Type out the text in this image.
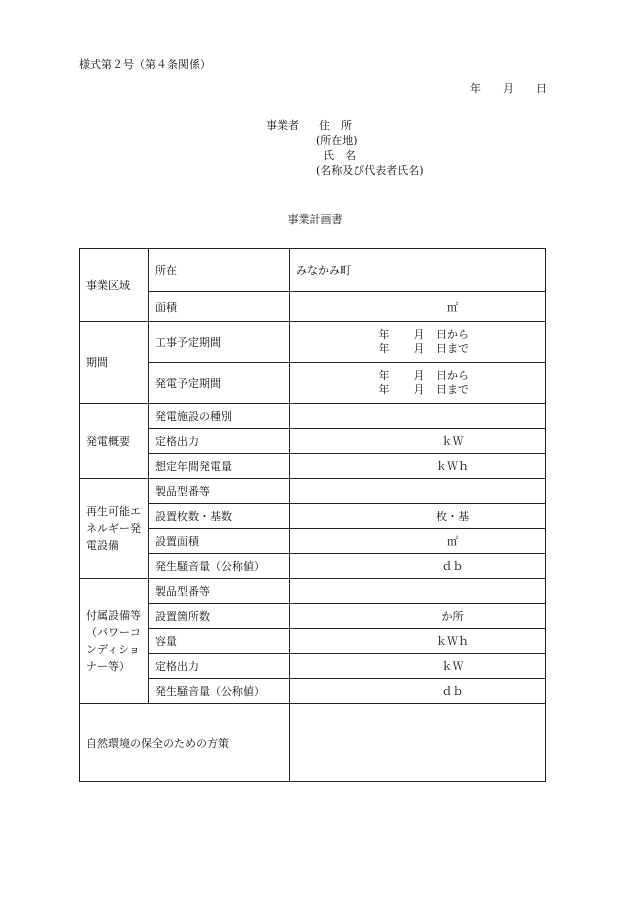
様式第２号（第４条関係）
年 月 日
事業者 住　所
(所在地)
氏　名
(名称及び代表者氏名)
事業計画書
事業区域	所在	みなかみ町
	面積	㎡
期間	工事予定期間	年 月 日から
年 月 日まで

	発電予定期間	年 月 日から
年 月 日まで

発電概要	発電施設の種別	
	定格出力	ｋＷ
	想定年間発電量	ｋＷｈ
再生可能エネルギー発電設備	製品型番等	
	設置枚数・基数	枚・基
	設置面積	㎡
	発生騒音量（公称値）	ｄｂ
付属設備等（パワーコンディショナー等）	製品型番等	
	設置箇所数	か所
	容量	ｋＷｈ
	定格出力	ｋＷ
	発生騒音量（公称値）	ｄｂ
自然環境の保全のための方策		
